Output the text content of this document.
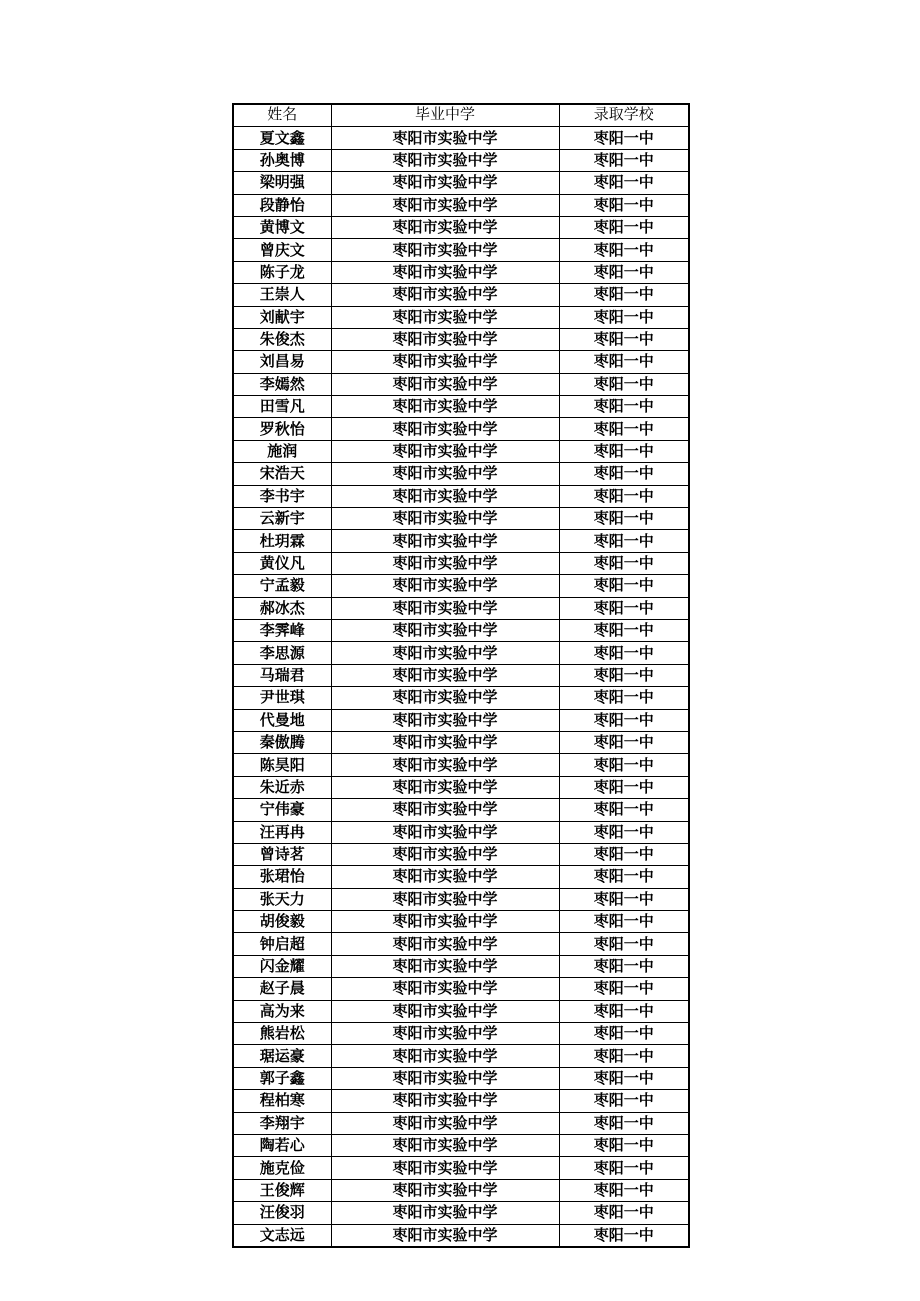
姓名	毕业中学	录取学校
夏文鑫	枣阳市实验中学	枣阳一中
孙奥博	枣阳市实验中学	枣阳一中
梁明强	枣阳市实验中学	枣阳一中
段静怡	枣阳市实验中学	枣阳一中
黄博文	枣阳市实验中学	枣阳一中
曾庆文	枣阳市实验中学	枣阳一中
陈子龙	枣阳市实验中学	枣阳一中
王崇人	枣阳市实验中学	枣阳一中
刘献宇	枣阳市实验中学	枣阳一中
朱俊杰	枣阳市实验中学	枣阳一中
刘昌易	枣阳市实验中学	枣阳一中
李嫣然	枣阳市实验中学	枣阳一中
田雪凡	枣阳市实验中学	枣阳一中
罗秋怡	枣阳市实验中学	枣阳一中
施润	枣阳市实验中学	枣阳一中
宋浩天	枣阳市实验中学	枣阳一中
李书宇	枣阳市实验中学	枣阳一中
云新宇	枣阳市实验中学	枣阳一中
杜玥霖	枣阳市实验中学	枣阳一中
黄仪凡	枣阳市实验中学	枣阳一中
宁孟毅	枣阳市实验中学	枣阳一中
郝冰杰	枣阳市实验中学	枣阳一中
李霁峰	枣阳市实验中学	枣阳一中
李思源	枣阳市实验中学	枣阳一中
马瑞君	枣阳市实验中学	枣阳一中
尹世琪	枣阳市实验中学	枣阳一中
代曼地	枣阳市实验中学	枣阳一中
秦傲腾	枣阳市实验中学	枣阳一中
陈昊阳	枣阳市实验中学	枣阳一中
朱近赤	枣阳市实验中学	枣阳一中
宁伟豪	枣阳市实验中学	枣阳一中
汪再冉	枣阳市实验中学	枣阳一中
曾诗茗	枣阳市实验中学	枣阳一中
张珺怡	枣阳市实验中学	枣阳一中
张天力	枣阳市实验中学	枣阳一中
胡俊毅	枣阳市实验中学	枣阳一中
钟启超	枣阳市实验中学	枣阳一中
闪金耀	枣阳市实验中学	枣阳一中
赵子晨	枣阳市实验中学	枣阳一中
高为来	枣阳市实验中学	枣阳一中
熊岩松	枣阳市实验中学	枣阳一中
琚运豪	枣阳市实验中学	枣阳一中
郭子鑫	枣阳市实验中学	枣阳一中
程柏寒	枣阳市实验中学	枣阳一中
李翔宇	枣阳市实验中学	枣阳一中
陶若心	枣阳市实验中学	枣阳一中
施克俭	枣阳市实验中学	枣阳一中
王俊辉	枣阳市实验中学	枣阳一中
汪俊羽	枣阳市实验中学	枣阳一中
文志远	枣阳市实验中学	枣阳一中
